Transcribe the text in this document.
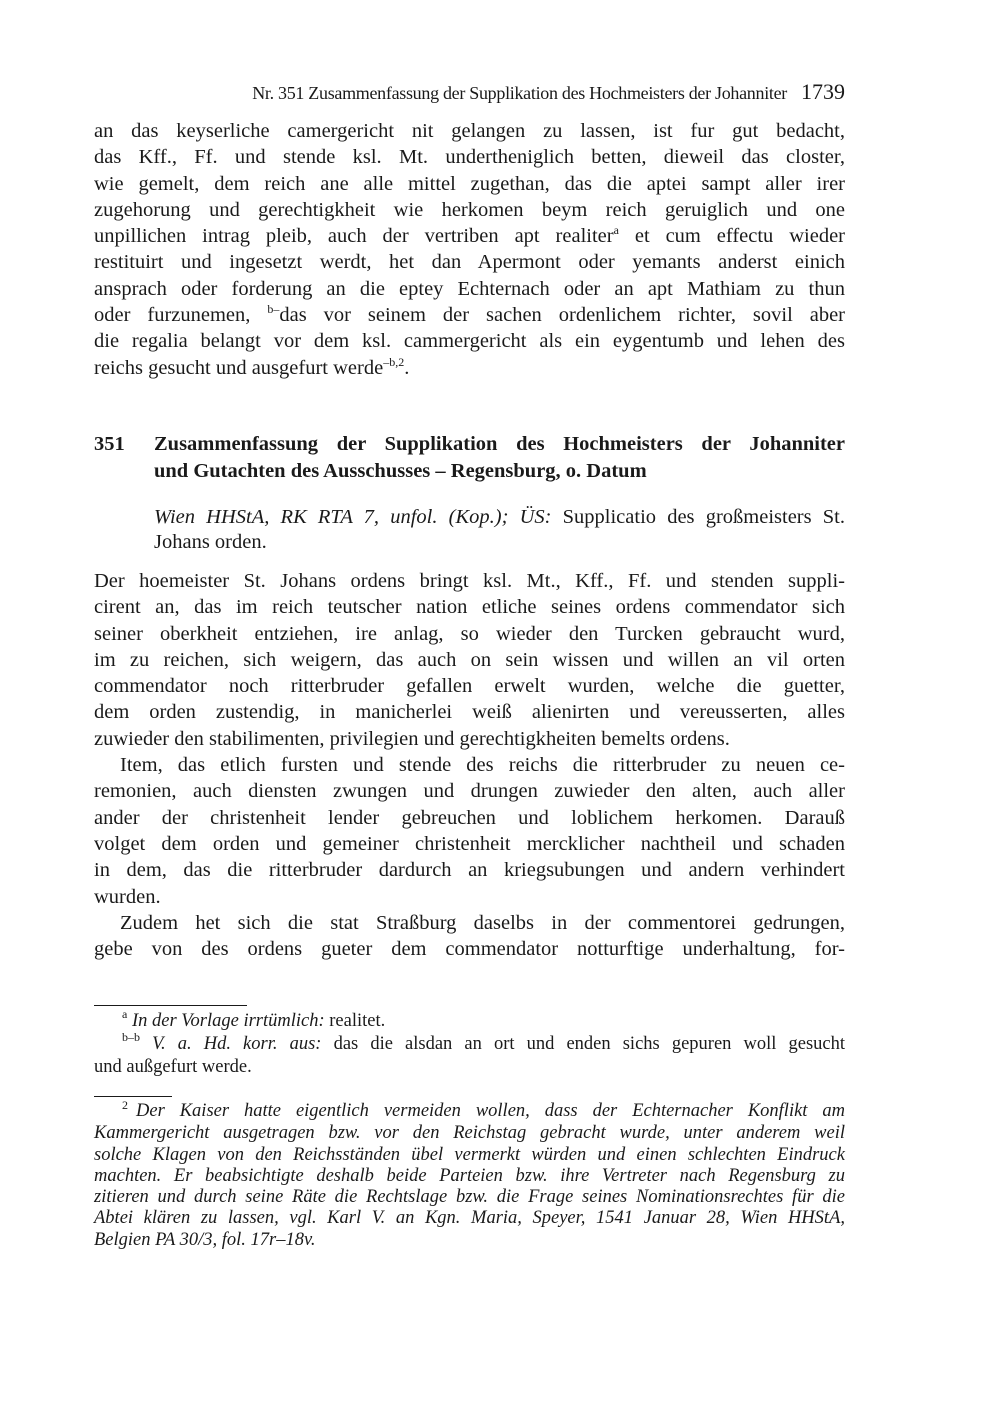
Nr. 351 Zusammenfassung der Supplikation des Hochmeisters der Johanniter 1739
an das keyserliche camergericht nit gelangen zu lassen, ist fur gut bedacht,
das Kff., Ff. und stende ksl. Mt. undertheniglich betten, dieweil das closter,
wie gemelt, dem reich ane alle mittel zugethan, das die aptei sampt aller irer
zugehorung und gerechtigkheit wie herkomen beym reich geruiglich und one
unpillichen intrag pleib, auch der vertriben apt realiter$^a$ et cum effectu wieder
restituirt und ingesetzt werdt, het dan Apermont oder yemants anderst einich
ansprach oder forderung an die eptey Echternach oder an apt Mathiam zu thun
oder furzunemen, $^{b-}$das vor seinem der sachen ordenlichem richter, sovil aber
die regalia belangt vor dem ksl. cammergericht als ein eygentumb und lehen des
reichs gesucht und ausgefurt werde$^{-b,2}$.
351 Zusammenfassung der Supplikation des Hochmeisters der Johanniter
und Gutachten des Ausschusses – Regensburg, o. Datum
Wien HHStA, RK RTA 7, unfol. (Kop.); ÜS: Supplicatio des großmeisters St.
Johans orden.
Der hoemeister St. Johans ordens bringt ksl. Mt., Kff., Ff. und stenden suppli-
cirent an, das im reich teutscher nation etliche seines ordens commendator sich
seiner oberkheit entziehen, ire anlag, so wieder den Turcken gebraucht wurd,
im zu reichen, sich weigern, das auch on sein wissen und willen an vil orten
commendator noch ritterbruder gefallen erwelt wurden, welche die guetter,
dem orden zustendig, in manicherlei weiß alienirten und vereusserten, alles
zuwieder den stabilimenten, privilegien und gerechtigkheiten bemelts ordens.
Item, das etlich fursten und stende des reichs die ritterbruder zu neuen ce-
remonien, auch diensten zwungen und drungen zuwieder den alten, auch aller
ander der christenheit lender gebreuchen und loblichem herkomen. Darauß
volget dem orden und gemeiner christenheit mercklicher nachtheil und schaden
in dem, das die ritterbruder dardurch an kriegsubungen und andern verhindert
wurden.
Zudem het sich die stat Straßburg daselbs in der commentorei gedrungen,
gebe von des ordens gueter dem commendator notturftige underhaltung, for-
$^a$ In der Vorlage irrtümlich: realitet.
$^{b-b}$ V. a. Hd. korr. aus: das die alsdan an ort und enden sichs gepuren woll gesucht
und außgefurt werde.
$^2$ Der Kaiser hatte eigentlich vermeiden wollen, dass der Echternacher Konflikt am
Kammergericht ausgetragen bzw. vor den Reichstag gebracht wurde, unter anderem weil
solche Klagen von den Reichsständen übel vermerkt würden und einen schlechten Eindruck
machten. Er beabsichtigte deshalb beide Parteien bzw. ihre Vertreter nach Regensburg zu
zitieren und durch seine Räte die Rechtslage bzw. die Frage seines Nominationsrechtes für die
Abtei klären zu lassen, vgl. Karl V. an Kgn. Maria, Speyer, 1541 Januar 28, Wien HHStA,
Belgien PA 30/3, fol. 17r–18v.
